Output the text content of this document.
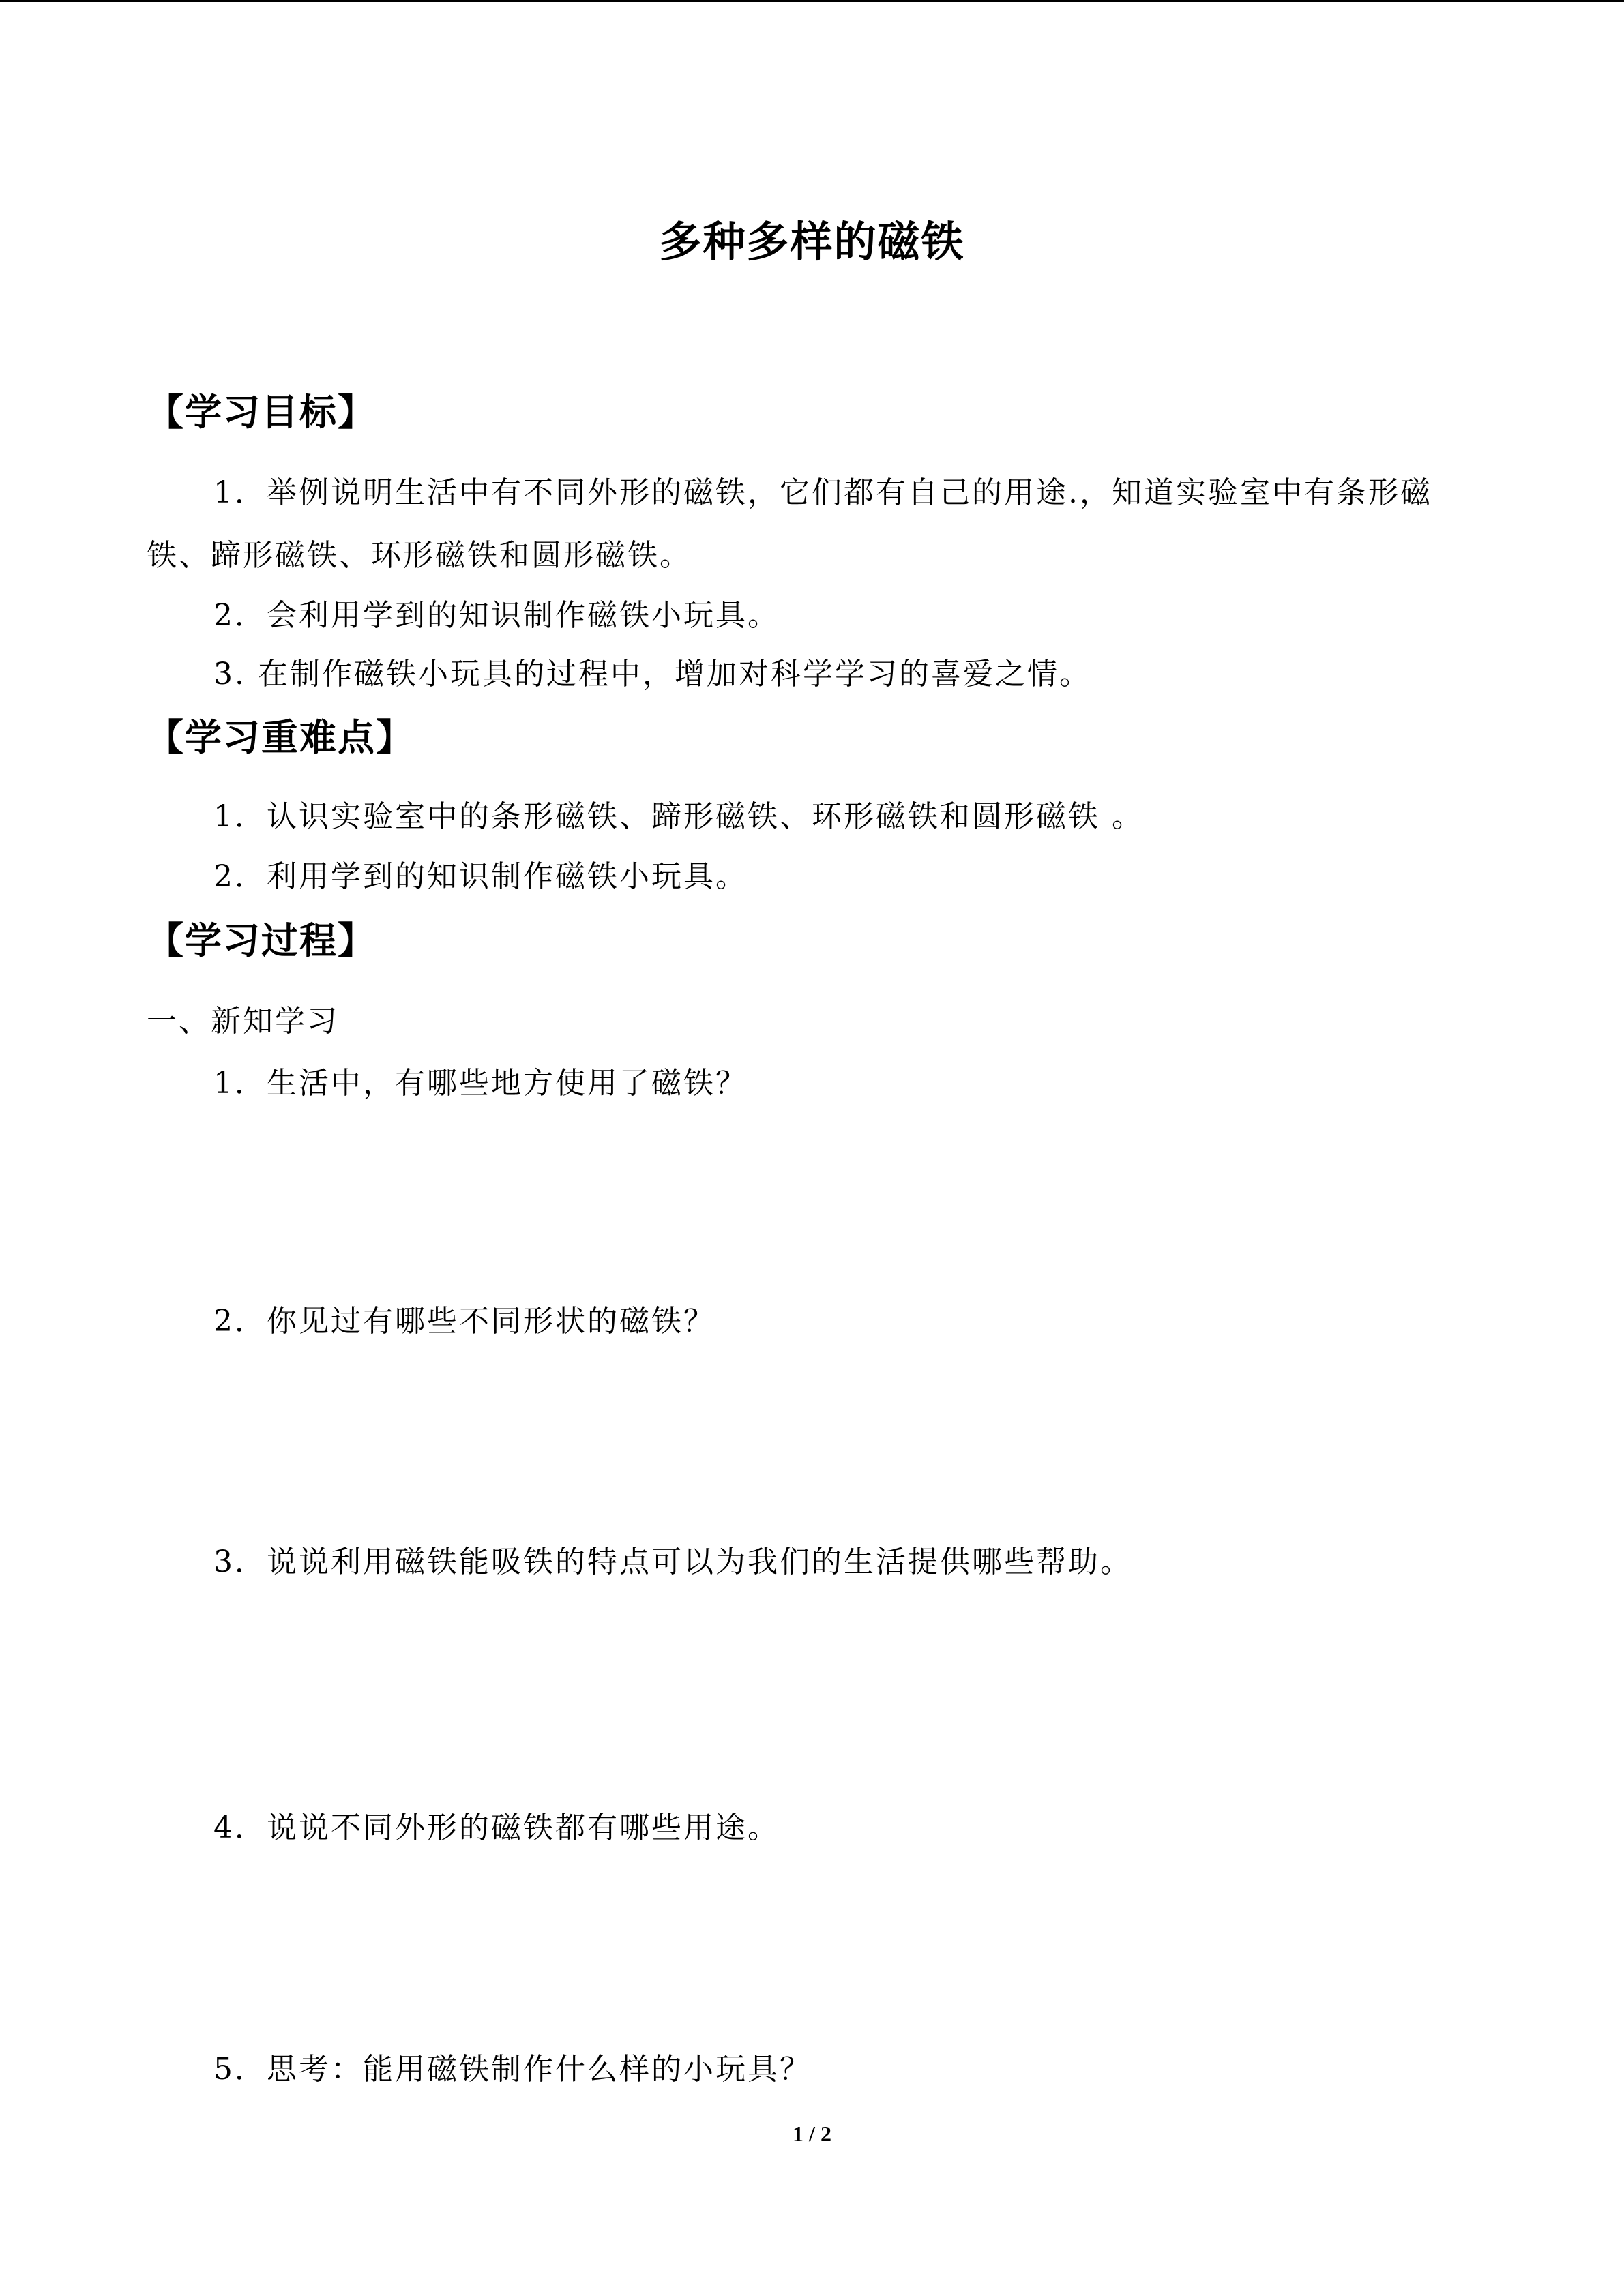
多种多样的磁铁
【学习目标】
1．举例说明生活中有不同外形的磁铁，它们都有自己的用途.，知道实验室中有条形磁铁、蹄形磁铁、环形磁铁和圆形磁铁。
2．会利用学到的知识制作磁铁小玩具。
3. 在制作磁铁小玩具的过程中，增加对科学学习的喜爱之情。
【学习重难点】
1．认识实验室中的条形磁铁、蹄形磁铁、环形磁铁和圆形磁铁 。
2．利用学到的知识制作磁铁小玩具。
【学习过程】
一、新知学习
1．生活中，有哪些地方使用了磁铁？
2．你见过有哪些不同形状的磁铁？
3．说说利用磁铁能吸铁的特点可以为我们的生活提供哪些帮助。
4．说说不同外形的磁铁都有哪些用途。
5．思考：能用磁铁制作什么样的小玩具？
1 / 2
